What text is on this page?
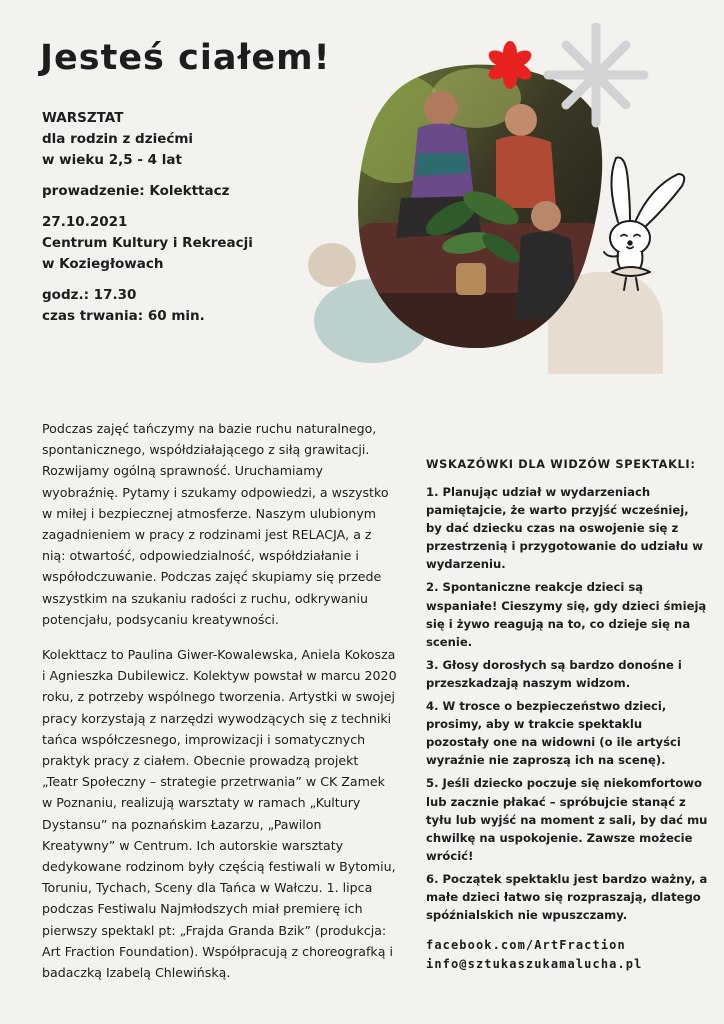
Jesteś ciałem!

WARSZTAT
dla rodzin z dziećmi
w wieku 2,5 - 4 lat

prowadzenie: Kolekttacz

27.10.2021
Centrum Kultury i Rekreacji
w Koziegłowach

godz.: 17.30
czas trwania: 60 min.

Podczas zajęć tańczymy na bazie ruchu naturalnego, spontanicznego, współdziałającego z siłą grawitacji. Rozwijamy ogólną sprawność. Uruchamiamy wyobraźnię. Pytamy i szukamy odpowiedzi, a wszystko w miłej i bezpiecznej atmosferze. Naszym ulubionym zagadnieniem w pracy z rodzinami jest RELACJA, a z nią: otwartość, odpowiedzialność, współdziałanie i współodczuwanie. Podczas zajęć skupiamy się przede wszystkim na szukaniu radości z ruchu, odkrywaniu potencjału, podsycaniu kreatywności.

Kolekttacz to Paulina Giwer-Kowalewska, Aniela Kokosza i Agnieszka Dubilewicz. Kolektyw powstał w marcu 2020 roku, z potrzeby wspólnego tworzenia. Artystki w swojej pracy korzystają z narzędzi wywodzących się z techniki tańca współczesnego, improwizacji i somatycznych praktyk pracy z ciałem. Obecnie prowadzą projekt „Teatr Społeczny – strategie przetrwania” w CK Zamek w Poznaniu, realizują warsztaty w ramach „Kultury Dystansu” na poznańskim Łazarzu, „Pawilon Kreatywny” w Centrum. Ich autorskie warsztaty dedykowane rodzinom były częścią festiwali w Bytomiu, Toruniu, Tychach, Sceny dla Tańca w Wałczu. 1. lipca podczas Festiwalu Najmłodszych miał premierę ich pierwszy spektakl pt: „Frajda Granda Bzik” (produkcja: Art Fraction Foundation). Współpracują z choreografką i badaczką Izabelą Chlewińską.

WSKAZÓWKI DLA WIDZÓW SPEKTAKLI:
1. Planując udział w wydarzeniach pamiętajcie, że warto przyjść wcześniej, by dać dziecku czas na oswojenie się z przestrzenią i przygotowanie do udziału w wydarzeniu.
2. Spontaniczne reakcje dzieci są wspaniałe! Cieszymy się, gdy dzieci śmieją się i żywo reagują na to, co dzieje się na scenie.
3. Głosy dorosłych są bardzo donośne i przeszkadzają naszym widzom.
4. W trosce o bezpieczeństwo dzieci, prosimy, aby w trakcie spektaklu pozostały one na widowni (o ile artyści wyraźnie nie zaproszą ich na scenę).
5. Jeśli dziecko poczuje się niekomfortowo lub zacznie płakać – spróbujcie stanąć z tyłu lub wyjść na moment z sali, by dać mu chwilkę na uspokojenie. Zawsze możecie wrócić!
6. Początek spektaklu jest bardzo ważny, a małe dzieci łatwo się rozpraszają, dlatego spóźnialskich nie wpuszczamy.
facebook.com/ArtFraction
info@sztukaszukamalucha.pl
